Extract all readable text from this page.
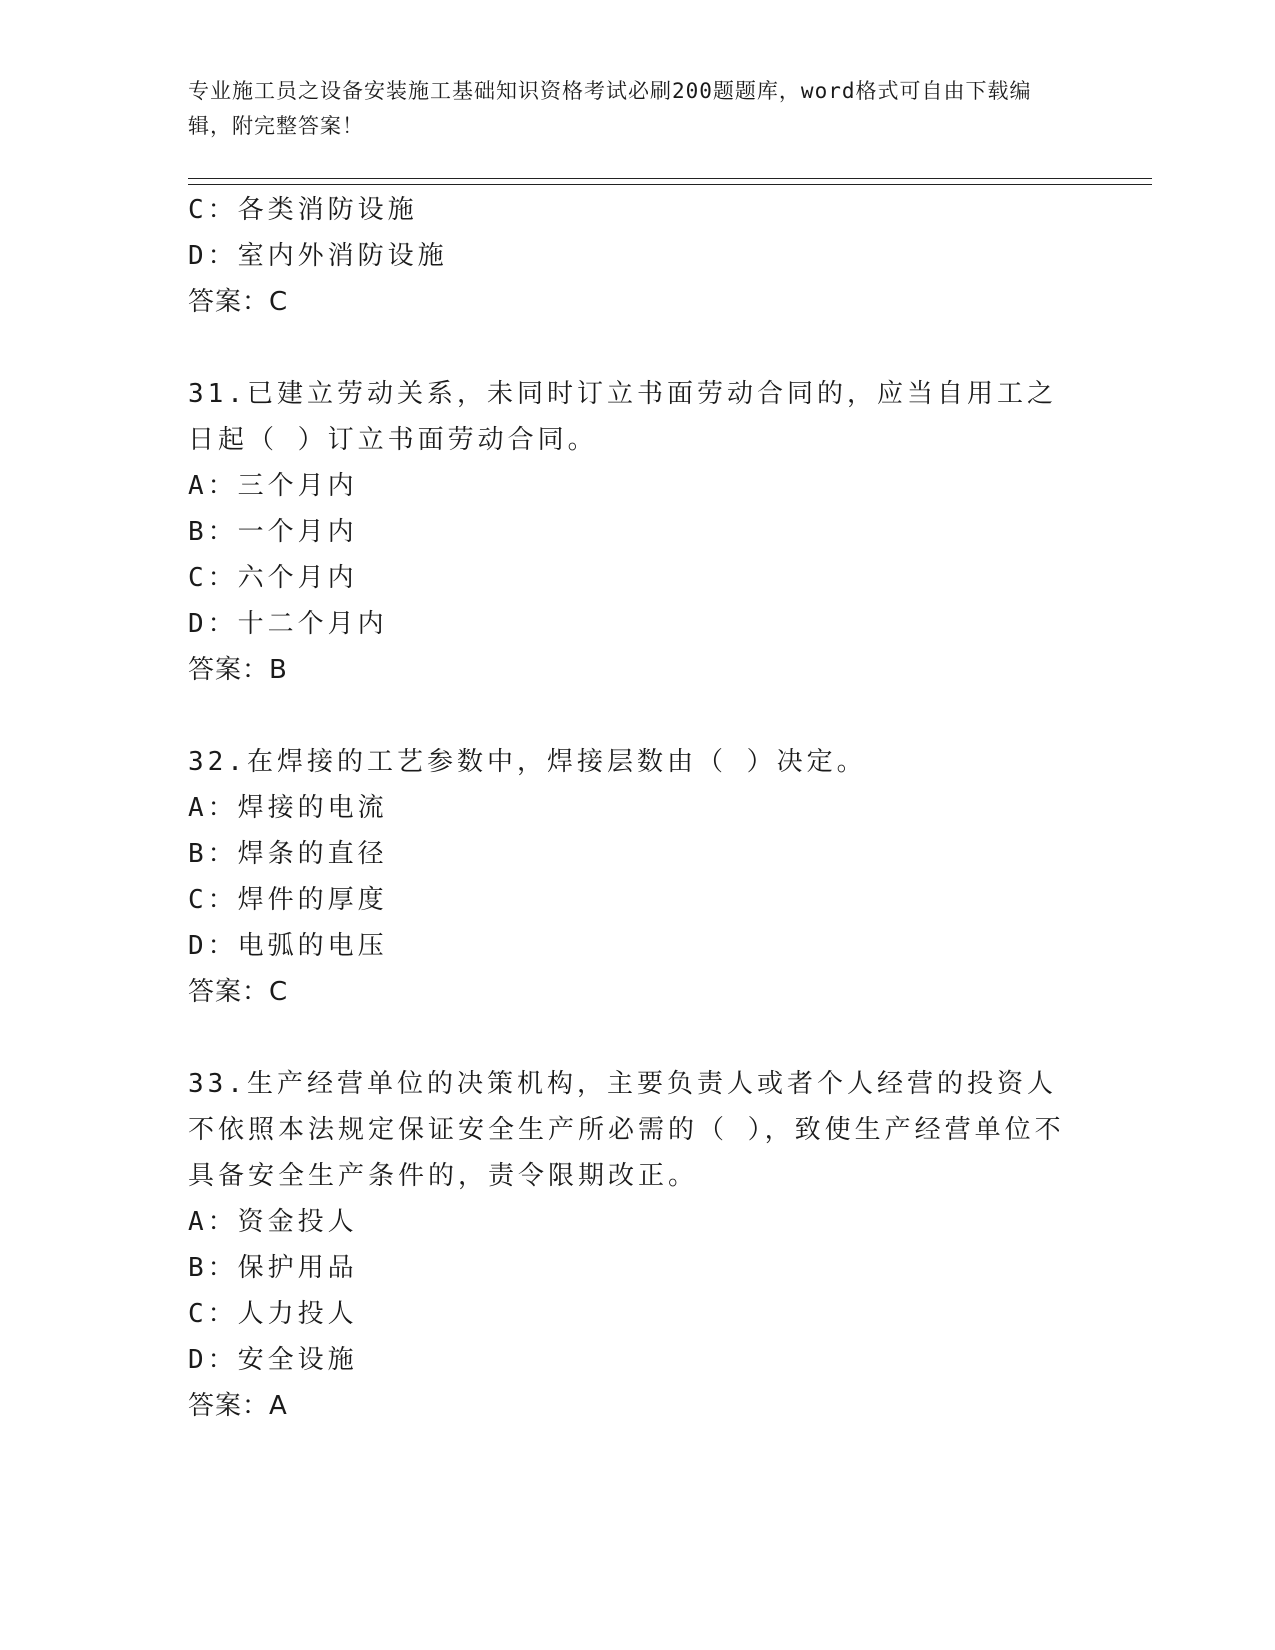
专业施工员之设备安装施工基础知识资格考试必刷200题题库，word格式可自由下载编辑，附完整答案！
C：各类消防设施
D：室内外消防设施
答案：C
31.已建立劳动关系，未同时订立书面劳动合同的，应当自用工之日起（ ）订立书面劳动合同。
A：三个月内
B：一个月内
C：六个月内
D：十二个月内
答案：B
32.在焊接的工艺参数中，焊接层数由（ ）决定。
A：焊接的电流
B：焊条的直径
C：焊件的厚度
D：电弧的电压
答案：C
33.生产经营单位的决策机构，主要负责人或者个人经营的投资人不依照本法规定保证安全生产所必需的（ ），致使生产经营单位不具备安全生产条件的，责令限期改正。
A：资金投人
B：保护用品
C：人力投人
D：安全设施
答案：A
